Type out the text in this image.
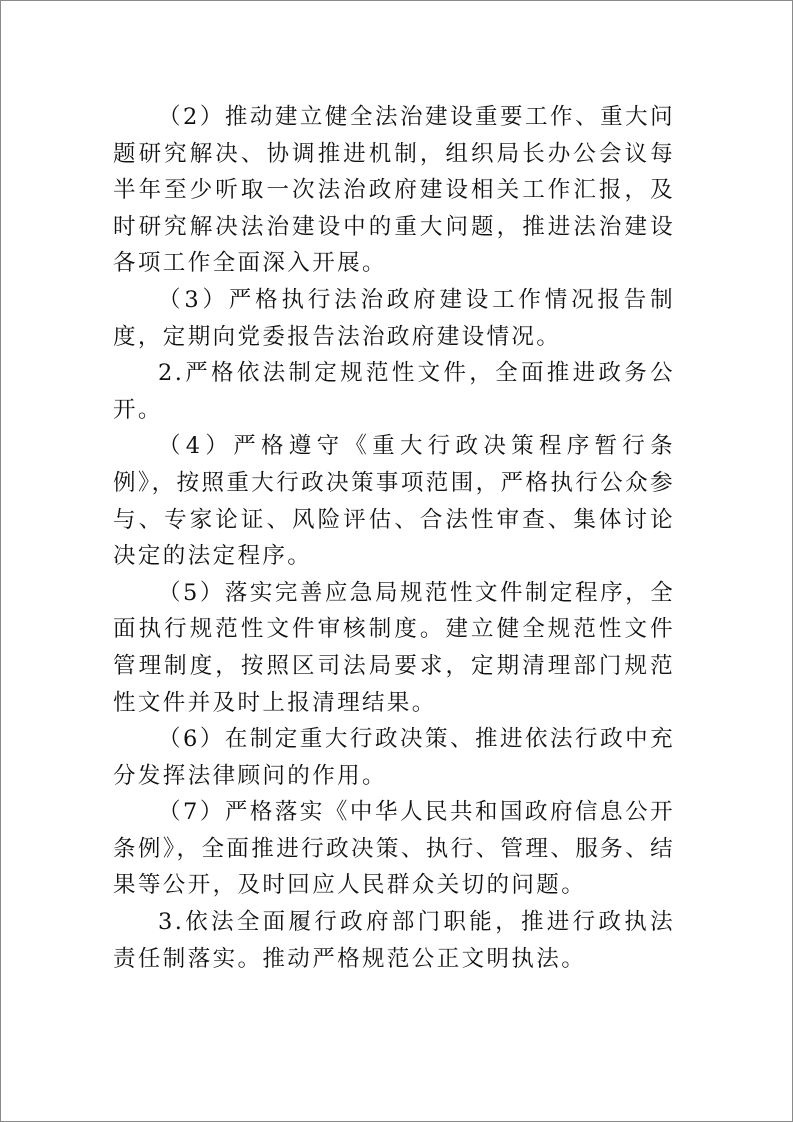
（2）推动建立健全法治建设重要工作、重大问题研究解决、协调推进机制，组织局长办公会议每半年至少听取一次法治政府建设相关工作汇报，及时研究解决法治建设中的重大问题，推进法治建设各项工作全面深入开展。

（3）严格执行法治政府建设工作情况报告制度，定期向党委报告法治政府建设情况。

2.严格依法制定规范性文件，全面推进政务公开。

（4）严格遵守《重大行政决策程序暂行条例》，按照重大行政决策事项范围，严格执行公众参与、专家论证、风险评估、合法性审查、集体讨论决定的法定程序。

（5）落实完善应急局规范性文件制定程序，全面执行规范性文件审核制度。建立健全规范性文件管理制度，按照区司法局要求，定期清理部门规范性文件并及时上报清理结果。

（6）在制定重大行政决策、推进依法行政中充分发挥法律顾问的作用。

（7）严格落实《中华人民共和国政府信息公开条例》，全面推进行政决策、执行、管理、服务、结果等公开，及时回应人民群众关切的问题。

3.依法全面履行政府部门职能，推进行政执法责任制落实。推动严格规范公正文明执法。
